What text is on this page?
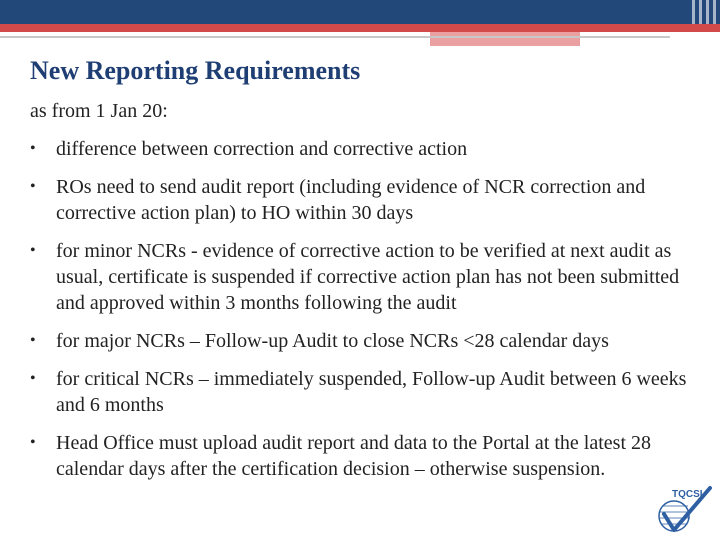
New Reporting Requirements
as from 1 Jan 20:
• difference between correction and corrective action
• ROs need to send audit report (including evidence of NCR correction and corrective action plan) to HO within 30 days
• for minor NCRs - evidence of corrective action to be verified at next audit as usual, certificate is suspended if corrective action plan has not been submitted and approved within 3 months following the audit
• for major NCRs – Follow-up Audit to close NCRs <28 calendar days
• for critical NCRs – immediately suspended, Follow-up Audit between 6 weeks and 6 months
• Head Office must upload audit report and data to the Portal at the latest 28 calendar days after the certification decision – otherwise suspension.
TQCSI
